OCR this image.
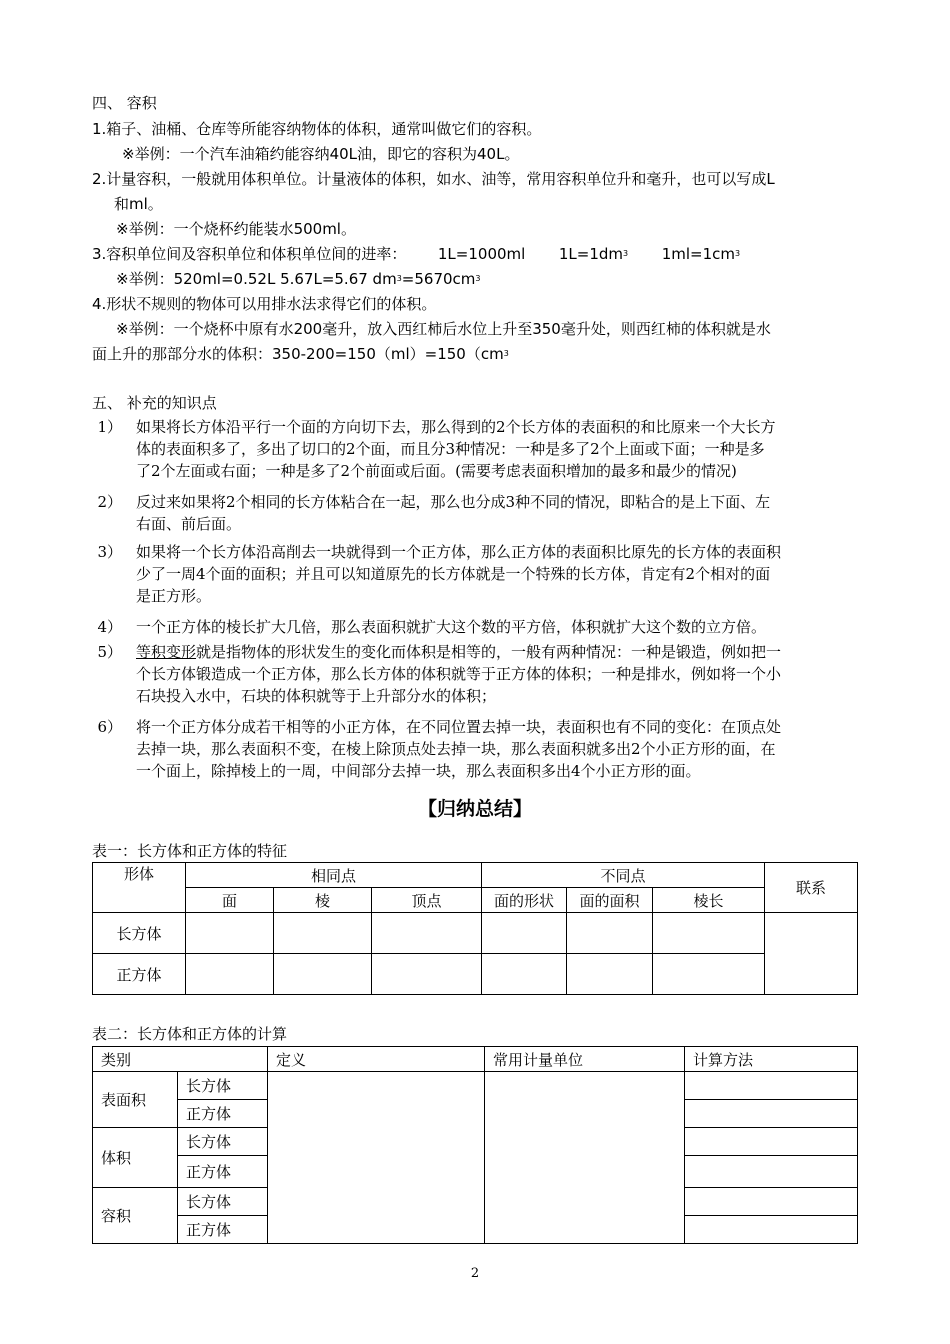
四、 容积
1.箱子、油桶、仓库等所能容纳物体的体积，通常叫做它们的容积。
※举例：一个汽车油箱约能容纳40L油，即它的容积为40L。
2.计量容积，一般就用体积单位。计量液体的体积，如水、油等，常用容积单位升和毫升，也可以写成L
和ml。
※举例：一个烧杯约能装水500ml。
3.容积单位间及容积单位和体积单位间的进率： 1L=1000ml $1L=1dm^3$ $1ml=1cm^3$
※举例：520ml=0.52L 5.67L=5.67 $dm^3=5670cm^3$
4.形状不规则的物体可以用排水法求得它们的体积。
※举例：一个烧杯中原有水200毫升，放入西红柿后水位上升至350毫升处，则西红柿的体积就是水
面上升的那部分水的体积：$350-200=150(ml)=150(cm^3$
五、 补充的知识点
1） 如果将长方体沿平行一个面的方向切下去，那么得到的2个长方体的表面积的和比原来一个大长方
体的表面积多了，多出了切口的2个面，而且分3种情况：一种是多了2个上面或下面；一种是多
了2个左面或右面；一种是多了2个前面或后面。(需要考虑表面积增加的最多和最少的情况)
2） 反过来如果将2个相同的长方体粘合在一起，那么也分成3种不同的情况，即粘合的是上下面、左
右面、前后面。
3） 如果将一个长方体沿高削去一块就得到一个正方体，那么正方体的表面积比原先的长方体的表面积
少了一周4个面的面积；并且可以知道原先的长方体就是一个特殊的长方体，肯定有2个相对的面
是正方形。
4） 一个正方体的棱长扩大几倍，那么表面积就扩大这个数的平方倍，体积就扩大这个数的立方倍。
5） 等积变形就是指物体的形状发生的变化而体积是相等的，一般有两种情况：一种是锻造，例如把一
个长方体锻造成一个正方体，那么长方体的体积就等于正方体的体积；一种是排水，例如将一个小
石块投入水中，石块的体积就等于上升部分水的体积；
6） 将一个正方体分成若干相等的小正方体，在不同位置去掉一块，表面积也有不同的变化：在顶点处
去掉一块，那么表面积不变，在棱上除顶点处去掉一块，那么表面积就多出2个小正方形的面，在
一个面上，除掉棱上的一周，中间部分去掉一块，那么表面积多出4个小正方形的面。
【归纳总结】
表一：长方体和正方体的特征
形体	相同点			不同点			联系
	面	棱	顶点	面的形状	面的面积	棱长	
长方体							
正方体							
表二：长方体和正方体的计算
类别		定义	常用计量单位	计算方法
表面积	长方体			
	正方体			
体积	长方体			
	正方体			
容积	长方体			
	正方体			
2
